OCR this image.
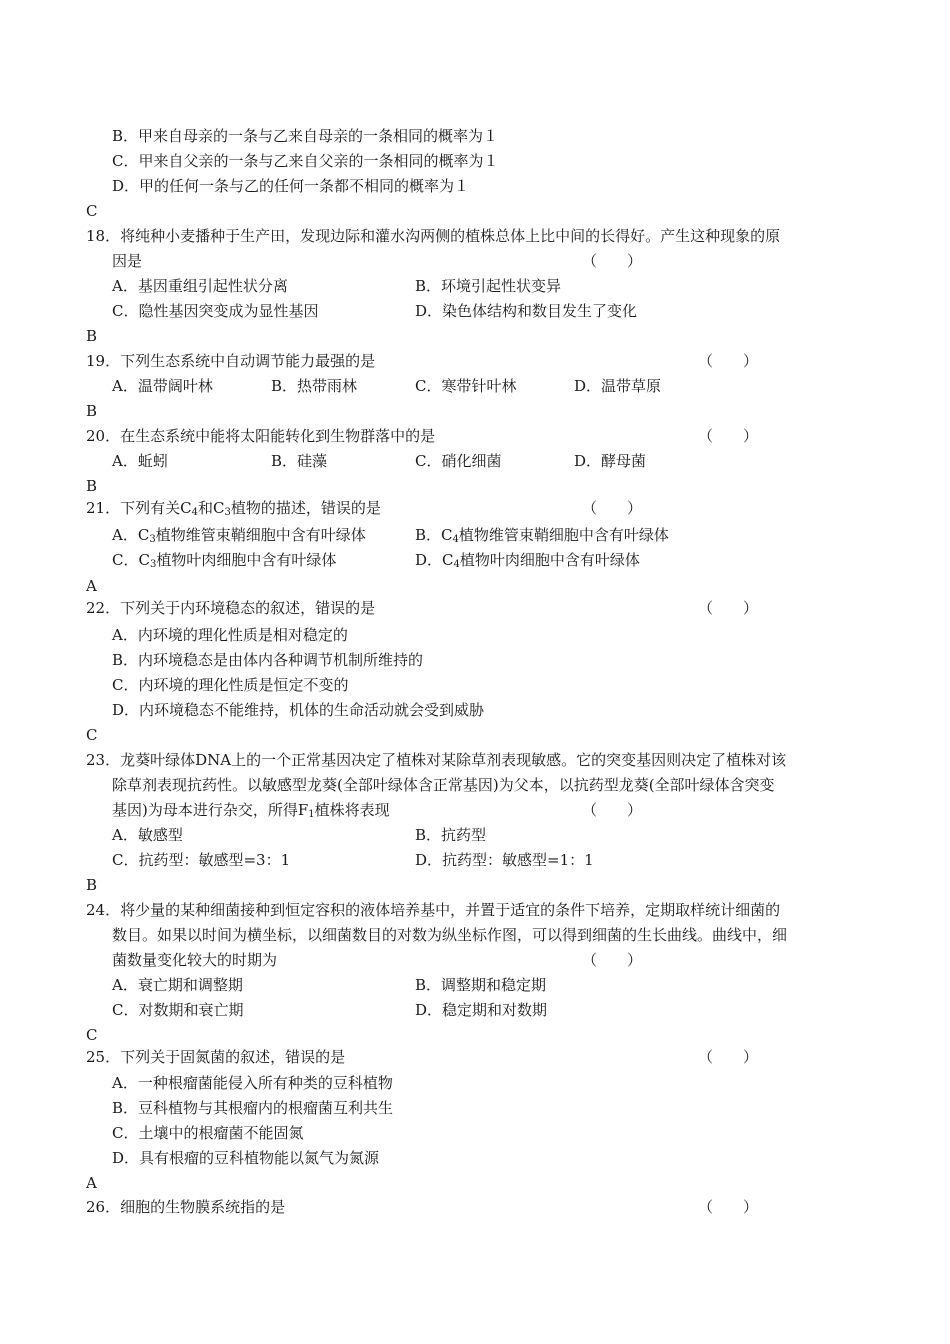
B．甲来自母亲的一条与乙来自母亲的一条相同的概率为１
C．甲来自父亲的一条与乙来自父亲的一条相同的概率为１
D．甲的任何一条与乙的任何一条都不相同的概率为１
C
18．将纯种小麦播种于生产田，发现边际和灌水沟两侧的植株总体上比中间的长得好。产生这种现象的原
因是	（　　）
A．基因重组引起性状分离	B．环境引起性状变异
C．隐性基因突变成为显性基因	D．染色体结构和数目发生了变化
B
19．下列生态系统中自动调节能力最强的是	（　　）
A．温带阔叶林	B．热带雨林	C．寒带针叶林	D．温带草原
B
20．在生态系统中能将太阳能转化到生物群落中的是	（　　）
A．蚯蚓	B．硅藻	C．硝化细菌	D．酵母菌
B
21．下列有关$C_4$和$C_3$植物的描述，错误的是	（　　）
A．$C_3$植物维管束鞘细胞中含有叶绿体	B．$C_4$植物维管束鞘细胞中含有叶绿体
C．$C_3$植物叶肉细胞中含有叶绿体	D．$C_4$植物叶肉细胞中含有叶绿体
A
22．下列关于内环境稳态的叙述，错误的是	（　　）
A．内环境的理化性质是相对稳定的
B．内环境稳态是由体内各种调节机制所维持的
C．内环境的理化性质是恒定不变的
D．内环境稳态不能维持，机体的生命活动就会受到威胁
C
23．龙葵叶绿体DNA上的一个正常基因决定了植株对某除草剂表现敏感。它的突变基因则决定了植株对该
除草剂表现抗药性。以敏感型龙葵(全部叶绿体含正常基因)为父本，以抗药型龙葵(全部叶绿体含突变
基因)为母本进行杂交，所得$F_1$植株将表现	（　　）
A．敏感型	B．抗药型
C．抗药型：敏感型=3：1	D．抗药型：敏感型=1：1
B
24．将少量的某种细菌接种到恒定容积的液体培养基中，并置于适宜的条件下培养，定期取样统计细菌的
数目。如果以时间为横坐标，以细菌数目的对数为纵坐标作图，可以得到细菌的生长曲线。曲线中，细
菌数量变化较大的时期为	（　　）
A．衰亡期和调整期	B．调整期和稳定期
C．对数期和衰亡期	D．稳定期和对数期
C
25．下列关于固氮菌的叙述，错误的是	（　　）
A．一种根瘤菌能侵入所有种类的豆科植物
B．豆科植物与其根瘤内的根瘤菌互利共生
C．土壤中的根瘤菌不能固氮
D．具有根瘤的豆科植物能以氮气为氮源
A
26．细胞的生物膜系统指的是	（　　）
